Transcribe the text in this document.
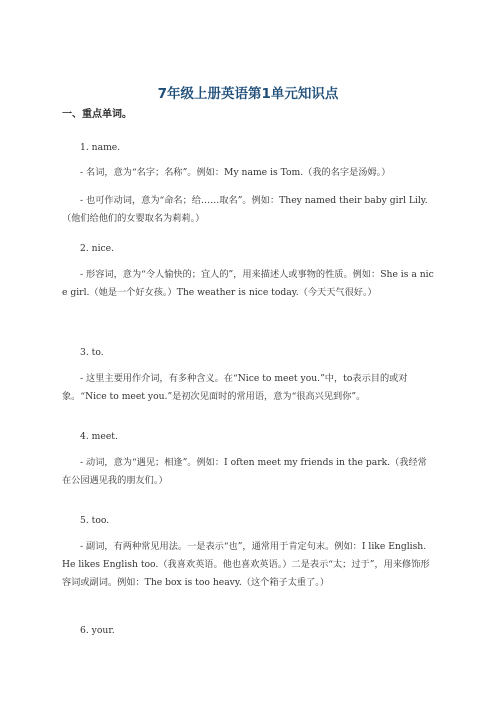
7年级上册英语第1单元知识点
一、重点单词。
1. name.
- 名词，意为“名字；名称”。例如：My name is Tom.（我的名字是汤姆。）
- 也可作动词，意为“命名；给……取名”。例如：They named their baby girl Lily.（他们给他们的女婴取名为莉莉。）
2. nice.
- 形容词，意为“令人愉快的；宜人的”，用来描述人或事物的性质。例如：She is a nice girl.（她是一个好女孩。）The weather is nice today.（今天天气很好。）
3. to.
- 这里主要用作介词，有多种含义。在“Nice to meet you.”中，to表示目的或对象。“Nice to meet you.”是初次见面时的常用语，意为“很高兴见到你”。
4. meet.
- 动词，意为“遇见；相逢”。例如：I often meet my friends in the park.（我经常在公园遇见我的朋友们。）
5. too.
- 副词，有两种常见用法。一是表示“也”，通常用于肯定句末。例如：I like English. He likes English too.（我喜欢英语。他也喜欢英语。）二是表示“太；过于”，用来修饰形容词或副词。例如：The box is too heavy.（这个箱子太重了。）
6. your.
